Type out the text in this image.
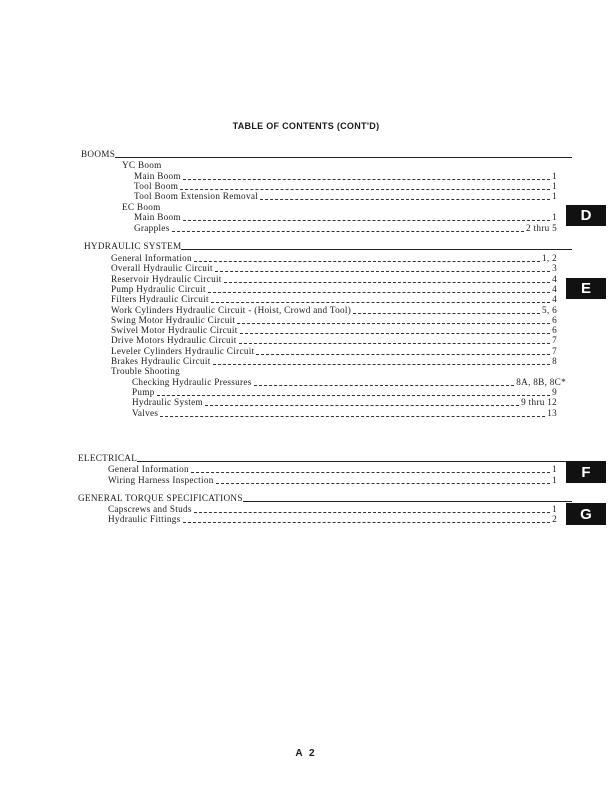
TABLE OF CONTENTS (CONT'D)
BOOMS
YC Boom
Main Boom	1
Tool Boom	1
Tool Boom Extension Removal	1
EC Boom
Main Boom	1
Grapples	2 thru 5
HYDRAULIC SYSTEM
General Information	1, 2
Overall Hydraulic Circuit	3
Reservoir Hydraulic Circuit	4
Pump Hydraulic Circuit	4
Filters Hydraulic Circuit	4
Work Cylinders Hydraulic Circuit - (Hoist, Crowd and Tool)	5, 6
Swing Motor Hydraulic Circuit	6
Swivel Motor Hydraulic Circuit	6
Drive Motors Hydraulic Circuit	7
Leveler Cylinders Hydraulic Circuit	7
Brakes Hydraulic Circuit	8
Trouble Shooting
Checking Hydraulic Pressures	8A, 8B, 8C*
Pump	9
Hydraulic System	9 thru 12
Valves	13
ELECTRICAL
General Information	1
Wiring Harness Inspection	1
GENERAL TORQUE SPECIFICATIONS
Capscrews and Studs	1
Hydraulic Fittings	2
D
E
F
G
A 2
